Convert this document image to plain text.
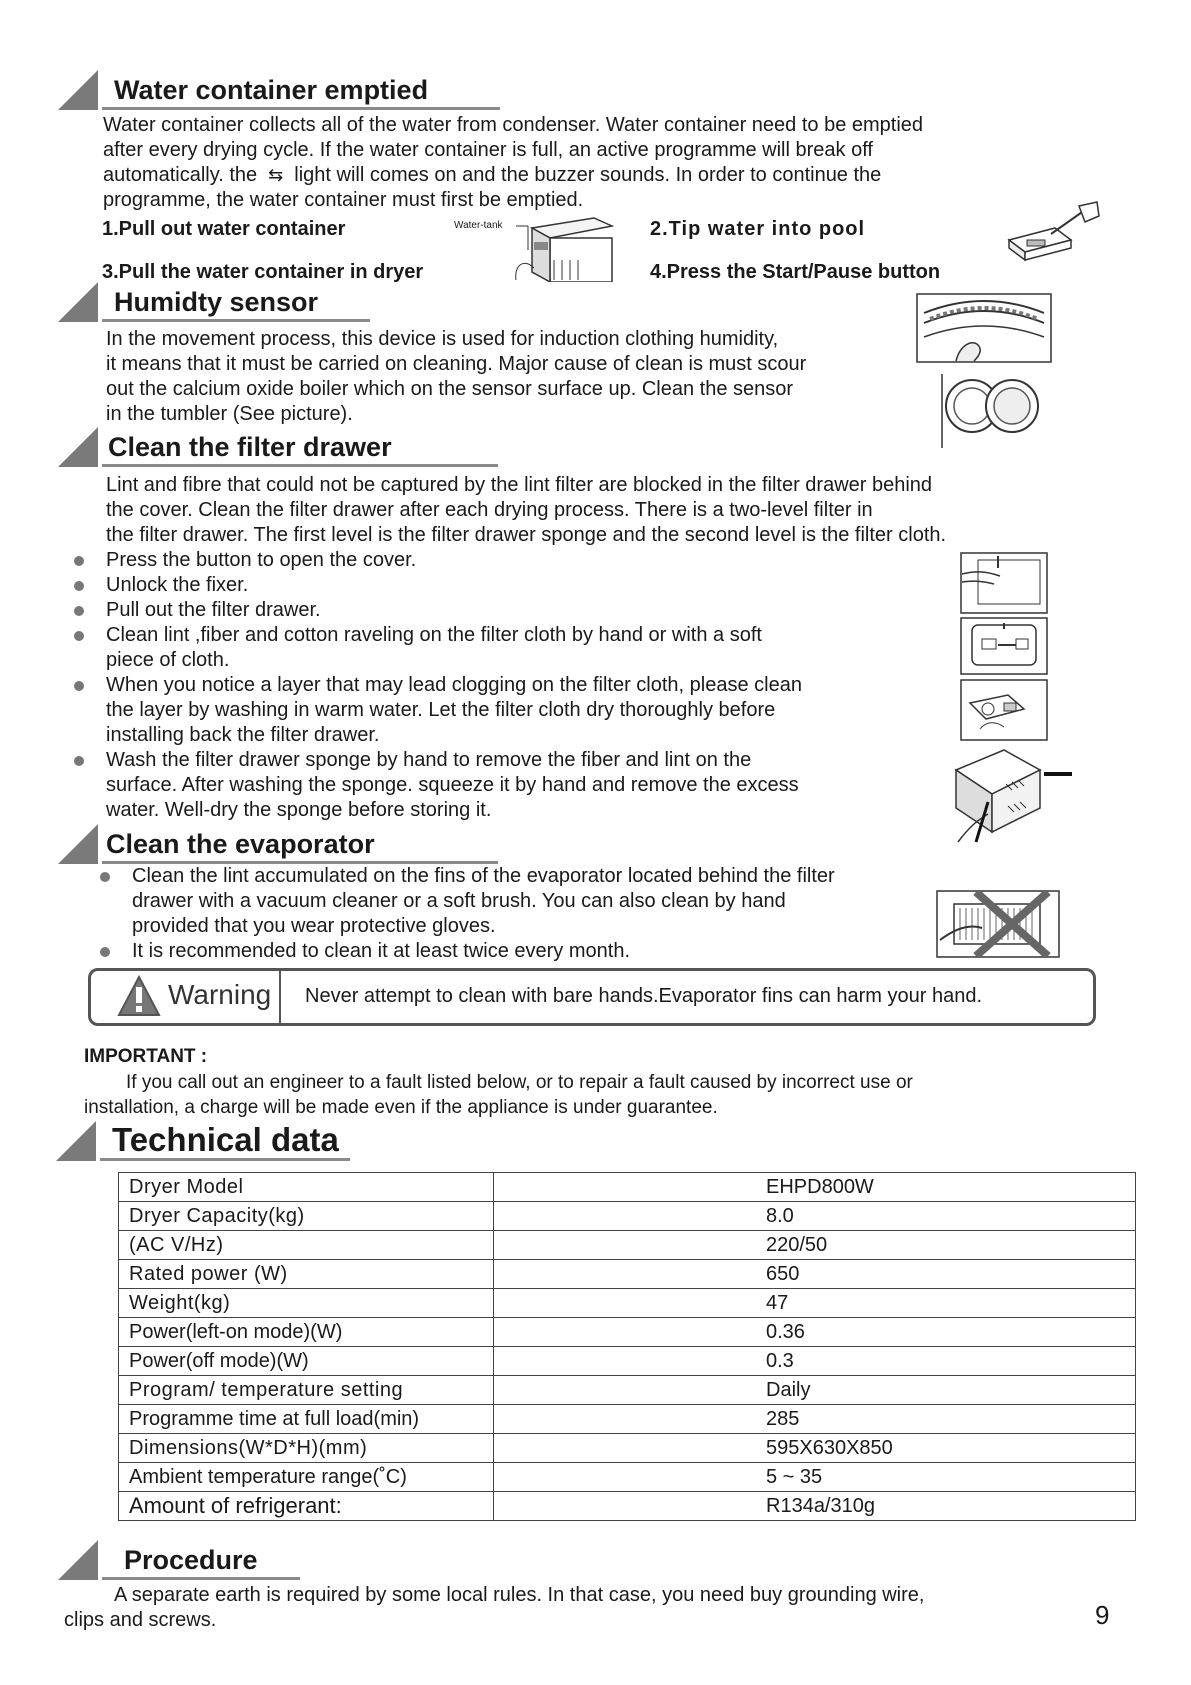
Water container emptied
Water container collects all of the water from condenser. Water container need to be emptied
after every drying cycle. If the water container is full, an active programme will break off
automatically. the ⇆ light will comes on and the buzzer sounds. In order to continue the
programme, the water container must first be emptied.
1.Pull out water container	2.Tip water into pool
3.Pull the water container in dryer	4.Press the Start/Pause button
Water-tank
Humidty sensor
In the movement process, this device is used for induction clothing humidity,
it means that it must be carried on cleaning. Major cause of clean is must scour
out the calcium oxide boiler which on the sensor surface up. Clean the sensor
in the tumbler (See picture).
Clean the filter drawer
Lint and fibre that could not be captured by the lint filter are blocked in the filter drawer behind
the cover. Clean the filter drawer after each drying process. There is a two-level filter in
the filter drawer. The first level is the filter drawer sponge and the second level is the filter cloth.
Press the button to open the cover.
Unlock the fixer.
Pull out the filter drawer.
Clean lint ,fiber and cotton raveling on the filter cloth by hand or with a soft
piece of cloth.
When you notice a layer that may lead clogging on the filter cloth, please clean
the layer by washing in warm water. Let the filter cloth dry thoroughly before
installing back the filter drawer.
Wash the filter drawer sponge by hand to remove the fiber and lint on the
surface. After washing the sponge. squeeze it by hand and remove the excess
water. Well-dry the sponge before storing it.
Clean the evaporator
Clean the lint accumulated on the fins of the evaporator located behind the filter
drawer with a vacuum cleaner or a soft brush. You can also clean by hand
provided that you wear protective gloves.
It is recommended to clean it at least twice every month.
Warning Never attempt to clean with bare hands.Evaporator fins can harm your hand.
IMPORTANT :
If you call out an engineer to a fault listed below, or to repair a fault caused by incorrect use or
installation, a charge will be made even if the appliance is under guarantee.
Technical data
Dryer Model	EHPD800W
Dryer Capacity(kg)	8.0
(AC V/Hz)	220/50
Rated power (W)	650
Weight(kg)	47
Power(left-on mode)(W)	0.36
Power(off mode)(W)	0.3
Program/ temperature setting	Daily
Programme time at full load(min)	285
Dimensions(W*D*H)(mm)	595X630X850
Ambient temperature range(˚C)	5 ~ 35
Amount of refrigerant:	R134a/310g
Procedure
A separate earth is required by some local rules. In that case, you need buy grounding wire,
clips and screws.	9
